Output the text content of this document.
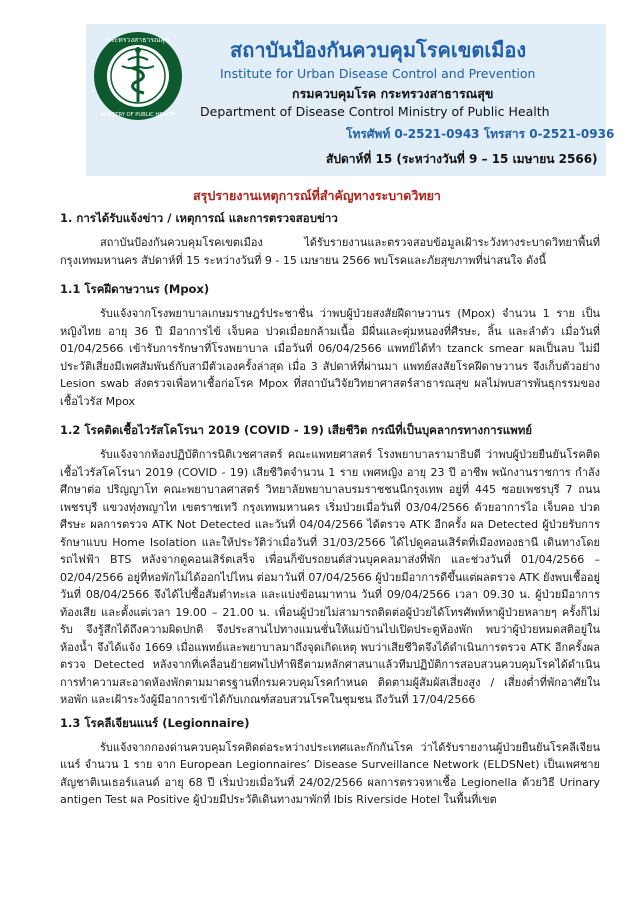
กระทรวงสาธารณสุข
MINISTRY OF PUBLIC HEALTH
สถาบันป้องกันควบคุมโรคเขตเมือง
Institute for Urban Disease Control and Prevention
กรมควบคุมโรค กระทรวงสาธารณสุข
Department of Disease Control Ministry of Public Health
โทรศัพท์ 0-2521-0943 โทรสาร 0-2521-0936
สัปดาห์ที่ 15 (ระหว่างวันที่ 9 – 15 เมษายน 2566)
สรุปรายงานเหตุการณ์ที่สำคัญทางระบาดวิทยา

1. การได้รับแจ้งข่าว / เหตุการณ์ และการตรวจสอบข่าว

สถาบันป้องกันควบคุมโรคเขตเมือง ได้รับรายงานและตรวจสอบข้อมูลเฝ้าระวังทางระบาดวิทยาพื้นที่กรุงเทพมหานคร สัปดาห์ที่ 15 ระหว่างวันที่ 9 - 15 เมษายน 2566 พบโรคและภัยสุขภาพที่น่าสนใจ ดังนี้

1.1 โรคฝีดาษวานร (Mpox)

รับแจ้งจากโรงพยาบาลเกษมราษฎร์ประชาชื่น ว่าพบผู้ป่วยสงสัยฝีดาษวานร (Mpox) จำนวน 1 ราย เป็นหญิงไทย อายุ 36 ปี มีอาการไข้ เจ็บคอ ปวดเมื่อยกล้ามเนื้อ มีผื่นและตุ่มหนองที่ศีรษะ, ลิ้น และลำตัว เมื่อวันที่ 01/04/2566 เข้ารับการรักษาที่โรงพยาบาล เมื่อวันที่ 06/04/2566 แพทย์ได้ทำ tzanck smear ผลเป็นลบ ไม่มีประวัติเสี่ยงมีเพศสัมพันธ์กับสามีตัวเองครั้งล่าสุด เมื่อ 3 สัปดาห์ที่ผ่านมา แพทย์สงสัยโรคฝีดาษวานร จึงเก็บตัวอย่าง Lesion swab ส่งตรวจเพื่อหาเชื้อก่อโรค Mpox ที่สถาบันวิจัยวิทยาศาสตร์สาธารณสุข ผลไม่พบสารพันธุกรรมของเชื้อไวรัส Mpox

1.2 โรคติดเชื้อไวรัสโคโรนา 2019 (COVID - 19) เสียชีวิต กรณีที่เป็นบุคลากรทางการแพทย์

รับแจ้งจากห้องปฏิบัติการนิติเวชศาสตร์ คณะแพทยศาสตร์ โรงพยาบาลรามาธิบดี ว่าพบผู้ป่วยยืนยันโรคติดเชื้อไวรัสโคโรนา 2019 (COVID - 19) เสียชีวิตจำนวน 1 ราย เพศหญิง อายุ 23 ปี อาชีพ พนักงานราชการ กำลังศึกษาต่อ ปริญญาโท คณะพยาบาลศาสตร์ วิทยาลัยพยาบาลบรมราชชนนีกรุงเทพ อยู่ที่ 445 ซอยเพชรบุรี 7 ถนนเพชรบุรี แขวงทุ่งพญาไท เขตราชเทวี กรุงเทพมหานคร เริ่มป่วยเมื่อวันที่ 03/04/2566 ด้วยอาการไอ เจ็บคอ ปวดศีรษะ ผลการตรวจ ATK Not Detected และวันที่ 04/04/2566 ได้ตรวจ ATK อีกครั้ง ผล Detected ผู้ป่วยรับการรักษาแบบ Home Isolation และให้ประวัติว่าเมื่อวันที่ 31/03/2566 ได้ไปดูคอนเสิร์ตที่เมืองทองธานี เดินทางโดยรถไฟฟ้า BTS หลังจากดูคอนเสิร์ตเสร็จ เพื่อนก็ขับรถยนต์ส่วนบุคคลมาส่งที่พัก และช่วงวันที่ 01/04/2566 – 02/04/2566 อยู่ที่หอพักไม่ได้ออกไปไหน ต่อมาวันที่ 07/04/2566 ผู้ป่วยมีอาการดีขึ้นแต่ผลตรวจ ATK ยังพบเชื้ออยู่ วันที่ 08/04/2566 จึงได้ไปซื้อสัมตำทะเล และแบ่งข้อนมาทาน วันที่ 09/04/2566 เวลา 09.30 น. ผู้ป่วยมีอาการท้องเสีย และตั้งแต่เวลา 19.00 – 21.00 น. เพื่อนผู้ป่วยไม่สามารถติดต่อผู้ป่วยได้โทรศัพท์หาผู้ป่วยหลายๆ ครั้งก็ไม่รับ จึงรู้สึกได้ถึงความผิดปกติ จึงประสานไปทางแมนชั่นให้แม่บ้านไปเปิดประตูห้องพัก พบว่าผู้ป่วยหมดสติอยู่ในห้องน้ำ จึงได้แจ้ง 1669 เมื่อแพทย์และพยาบาลมาถึงจุดเกิดเหตุ พบว่าเสียชีวิตจึงได้ดำเนินการตรวจ ATK อีกครั้งผลตรวจ Detected หลังจากที่เคลื่อนย้ายศพไปทำพิธีตามหลักศาสนาแล้วทีมปฏิบัติการสอบสวนควบคุมโรคได้ดำเนินการทำความสะอาดห้องพักตามมาตรฐานที่กรมควบคุมโรคกำหนด ติดตามผู้สัมผัสเสี่ยงสูง / เสี่ยงต่ำที่พักอาศัยในหอพัก และเฝ้าระวังผู้มีอาการเข้าได้กับเกณฑ์สอบสวนโรคในชุมชน ถึงวันที่ 17/04/2566

1.3 โรคลีเจียนแนร์ (Legionnaire)

รับแจ้งจากกองด่านควบคุมโรคติดต่อระหว่างประเทศและกักกันโรค ว่าได้รับรายงานผู้ป่วยยืนยันโรคลีเจียนแนร์ จำนวน 1 ราย จาก European Legionnaires’ Disease Surveillance Network (ELDSNet) เป็นเพศชาย สัญชาติเนเธอร์แลนด์ อายุ 68 ปี เริ่มป่วยเมื่อวันที่ 24/02/2566 ผลการตรวจหาเชื้อ Legionella ด้วยวิธี Urinary antigen Test ผล Positive ผู้ป่วยมีประวัติเดินทางมาพักที่ Ibis Riverside Hotel ในพื้นที่เขต
